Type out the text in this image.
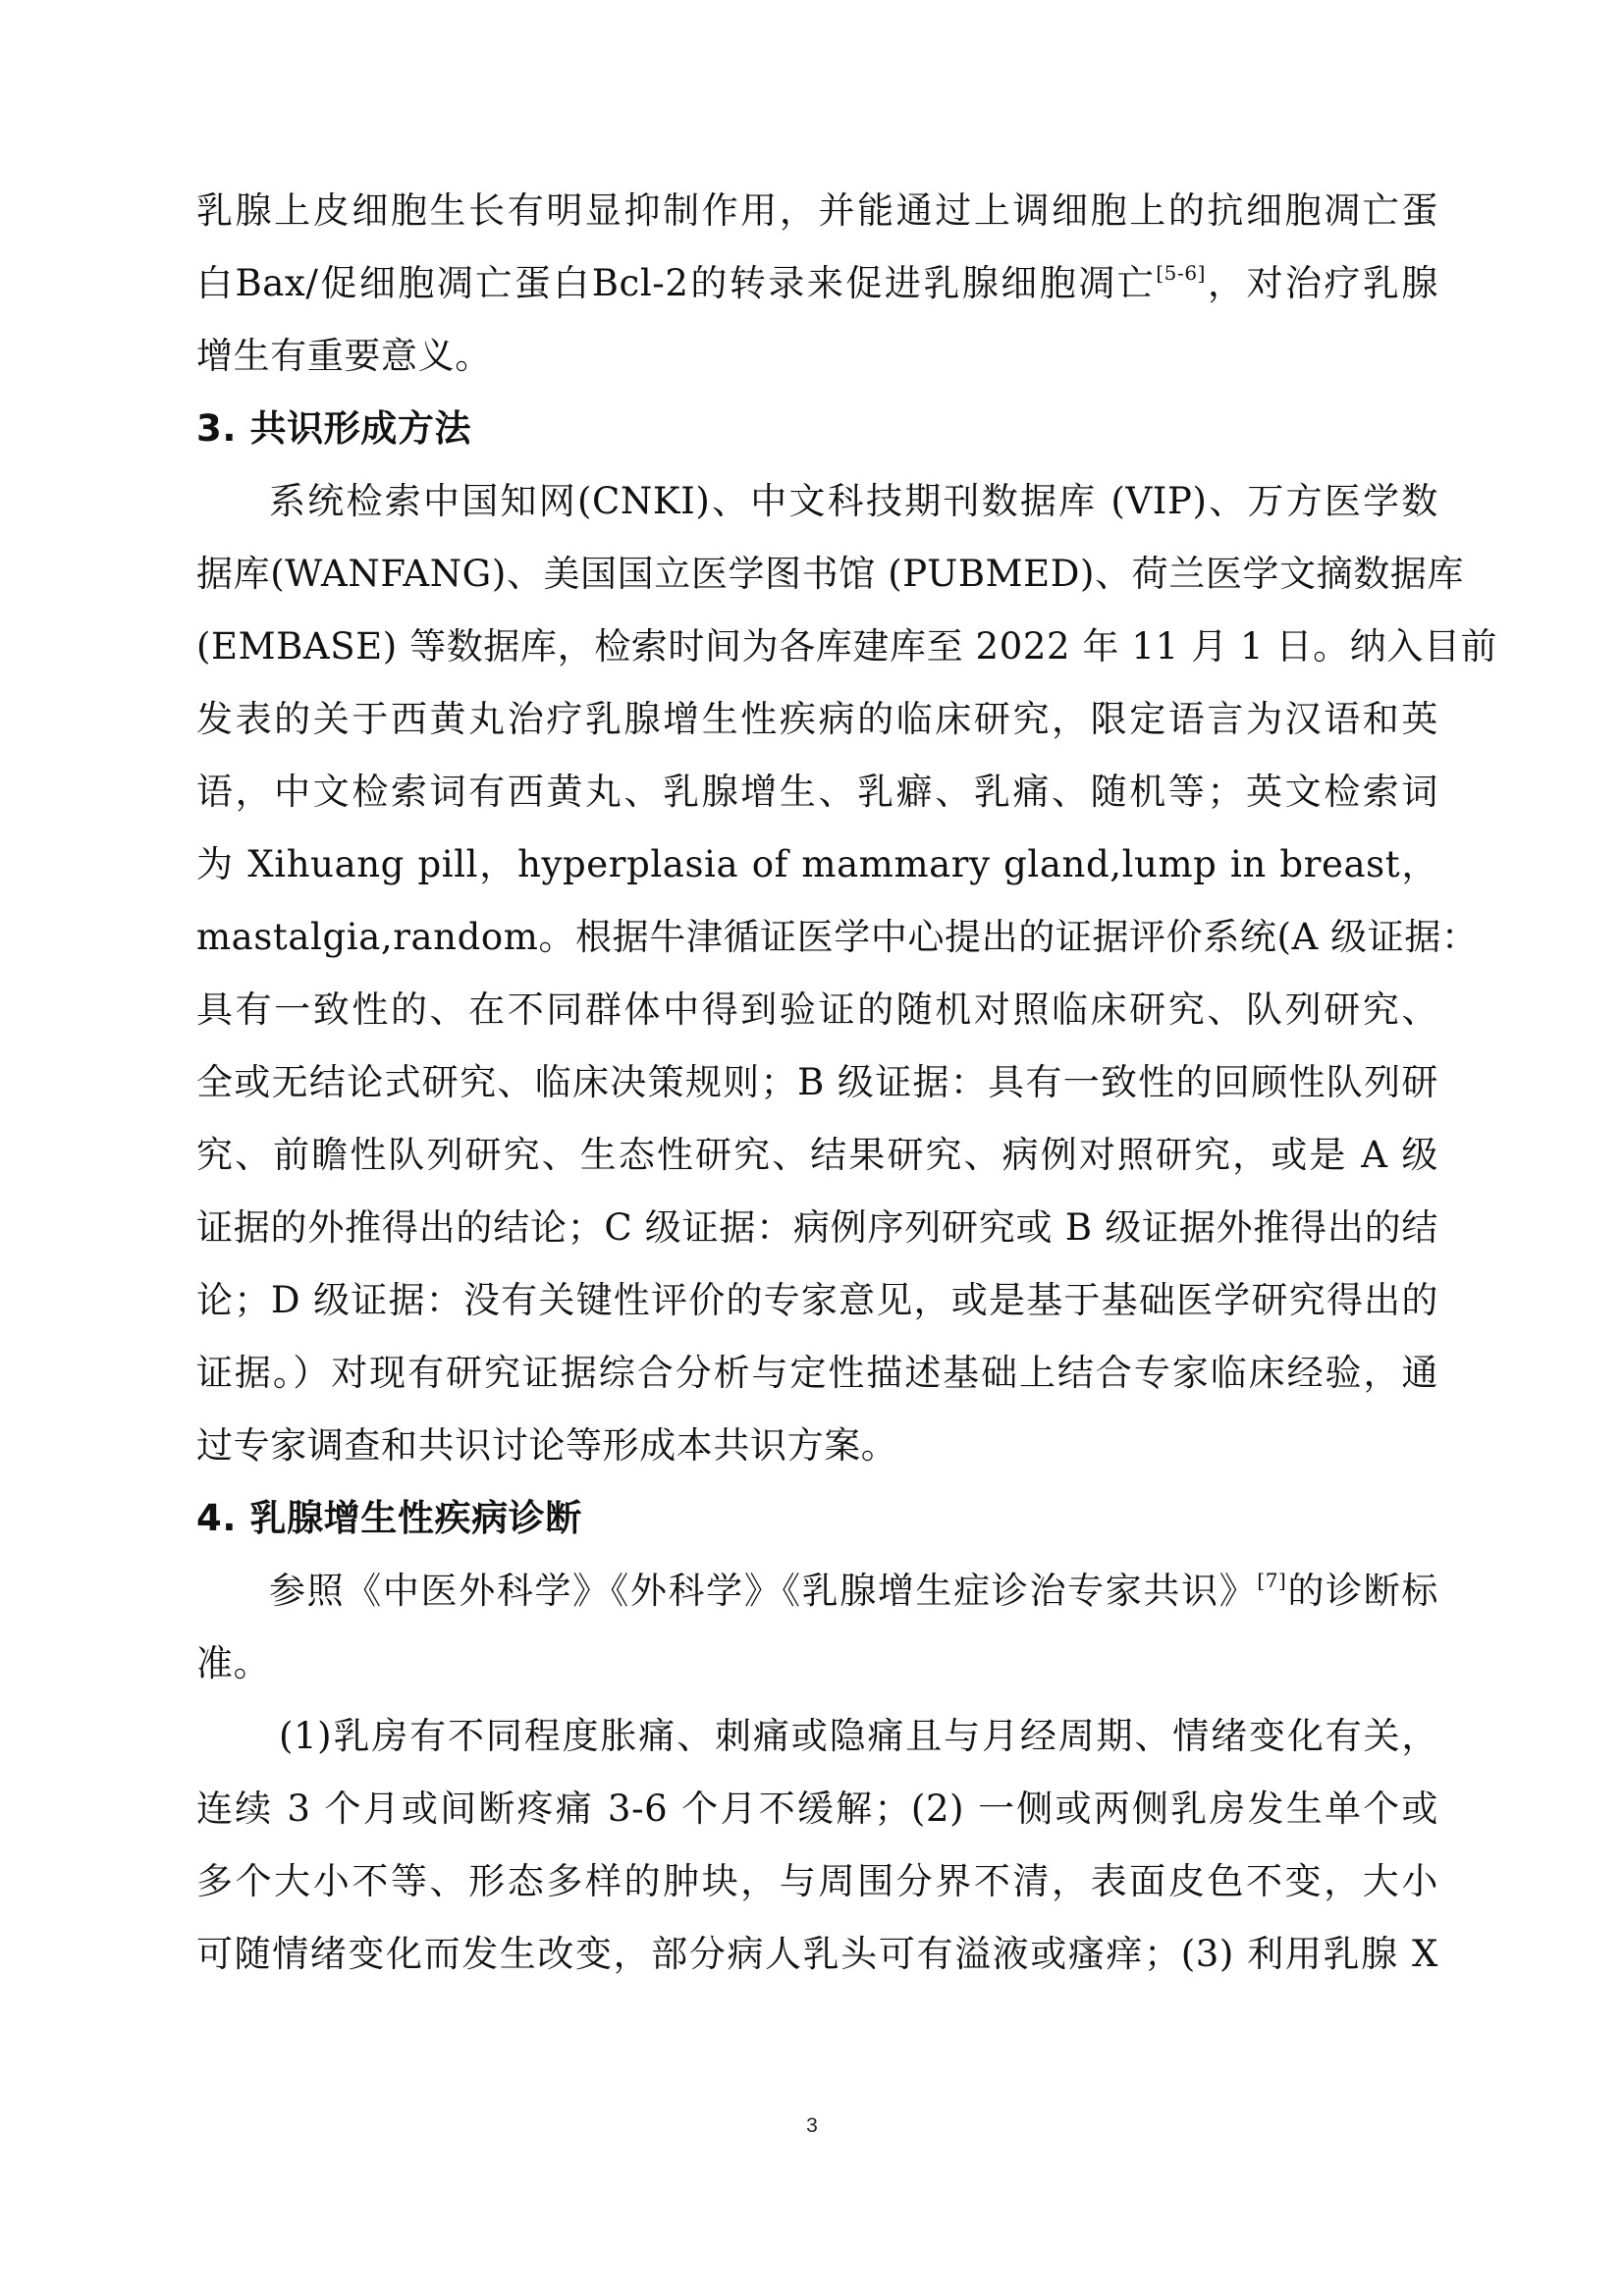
乳腺上皮细胞生长有明显抑制作用，并能通过上调细胞上的抗细胞凋亡蛋
白Bax/促细胞凋亡蛋白Bcl-2的转录来促进乳腺细胞凋亡[5-6]，对治疗乳腺
增生有重要意义。
3. 共识形成方法
系统检索中国知网(CNKI)、中文科技期刊数据库 (VIP)、万方医学数
据库(WANFANG)、美国国立医学图书馆 (PUBMED)、荷兰医学文摘数据库
(EMBASE) 等数据库，检索时间为各库建库至 2022 年 11 月 1 日。纳入目前
发表的关于西黄丸治疗乳腺增生性疾病的临床研究，限定语言为汉语和英
语，中文检索词有西黄丸、乳腺增生、乳癖、乳痛、随机等；英文检索词
为 Xihuang pill，hyperplasia of mammary gland,lump in breast，
mastalgia,random。根据牛津循证医学中心提出的证据评价系统(A 级证据：
具有一致性的、在不同群体中得到验证的随机对照临床研究、队列研究、
全或无结论式研究、临床决策规则；B 级证据：具有一致性的回顾性队列研
究、前瞻性队列研究、生态性研究、结果研究、病例对照研究，或是 A 级
证据的外推得出的结论；C 级证据：病例序列研究或 B 级证据外推得出的结
论；D 级证据：没有关键性评价的专家意见，或是基于基础医学研究得出的
证据。）对现有研究证据综合分析与定性描述基础上结合专家临床经验，通
过专家调查和共识讨论等形成本共识方案。
4. 乳腺增生性疾病诊断
参照《中医外科学》《外科学》《乳腺增生症诊治专家共识》[7]的诊断标
准。
(1)乳房有不同程度胀痛、刺痛或隐痛且与月经周期、情绪变化有关，
连续 3 个月或间断疼痛 3-6 个月不缓解；(2) 一侧或两侧乳房发生单个或
多个大小不等、形态多样的肿块，与周围分界不清，表面皮色不变，大小
可随情绪变化而发生改变，部分病人乳头可有溢液或瘙痒；(3) 利用乳腺 X
3
